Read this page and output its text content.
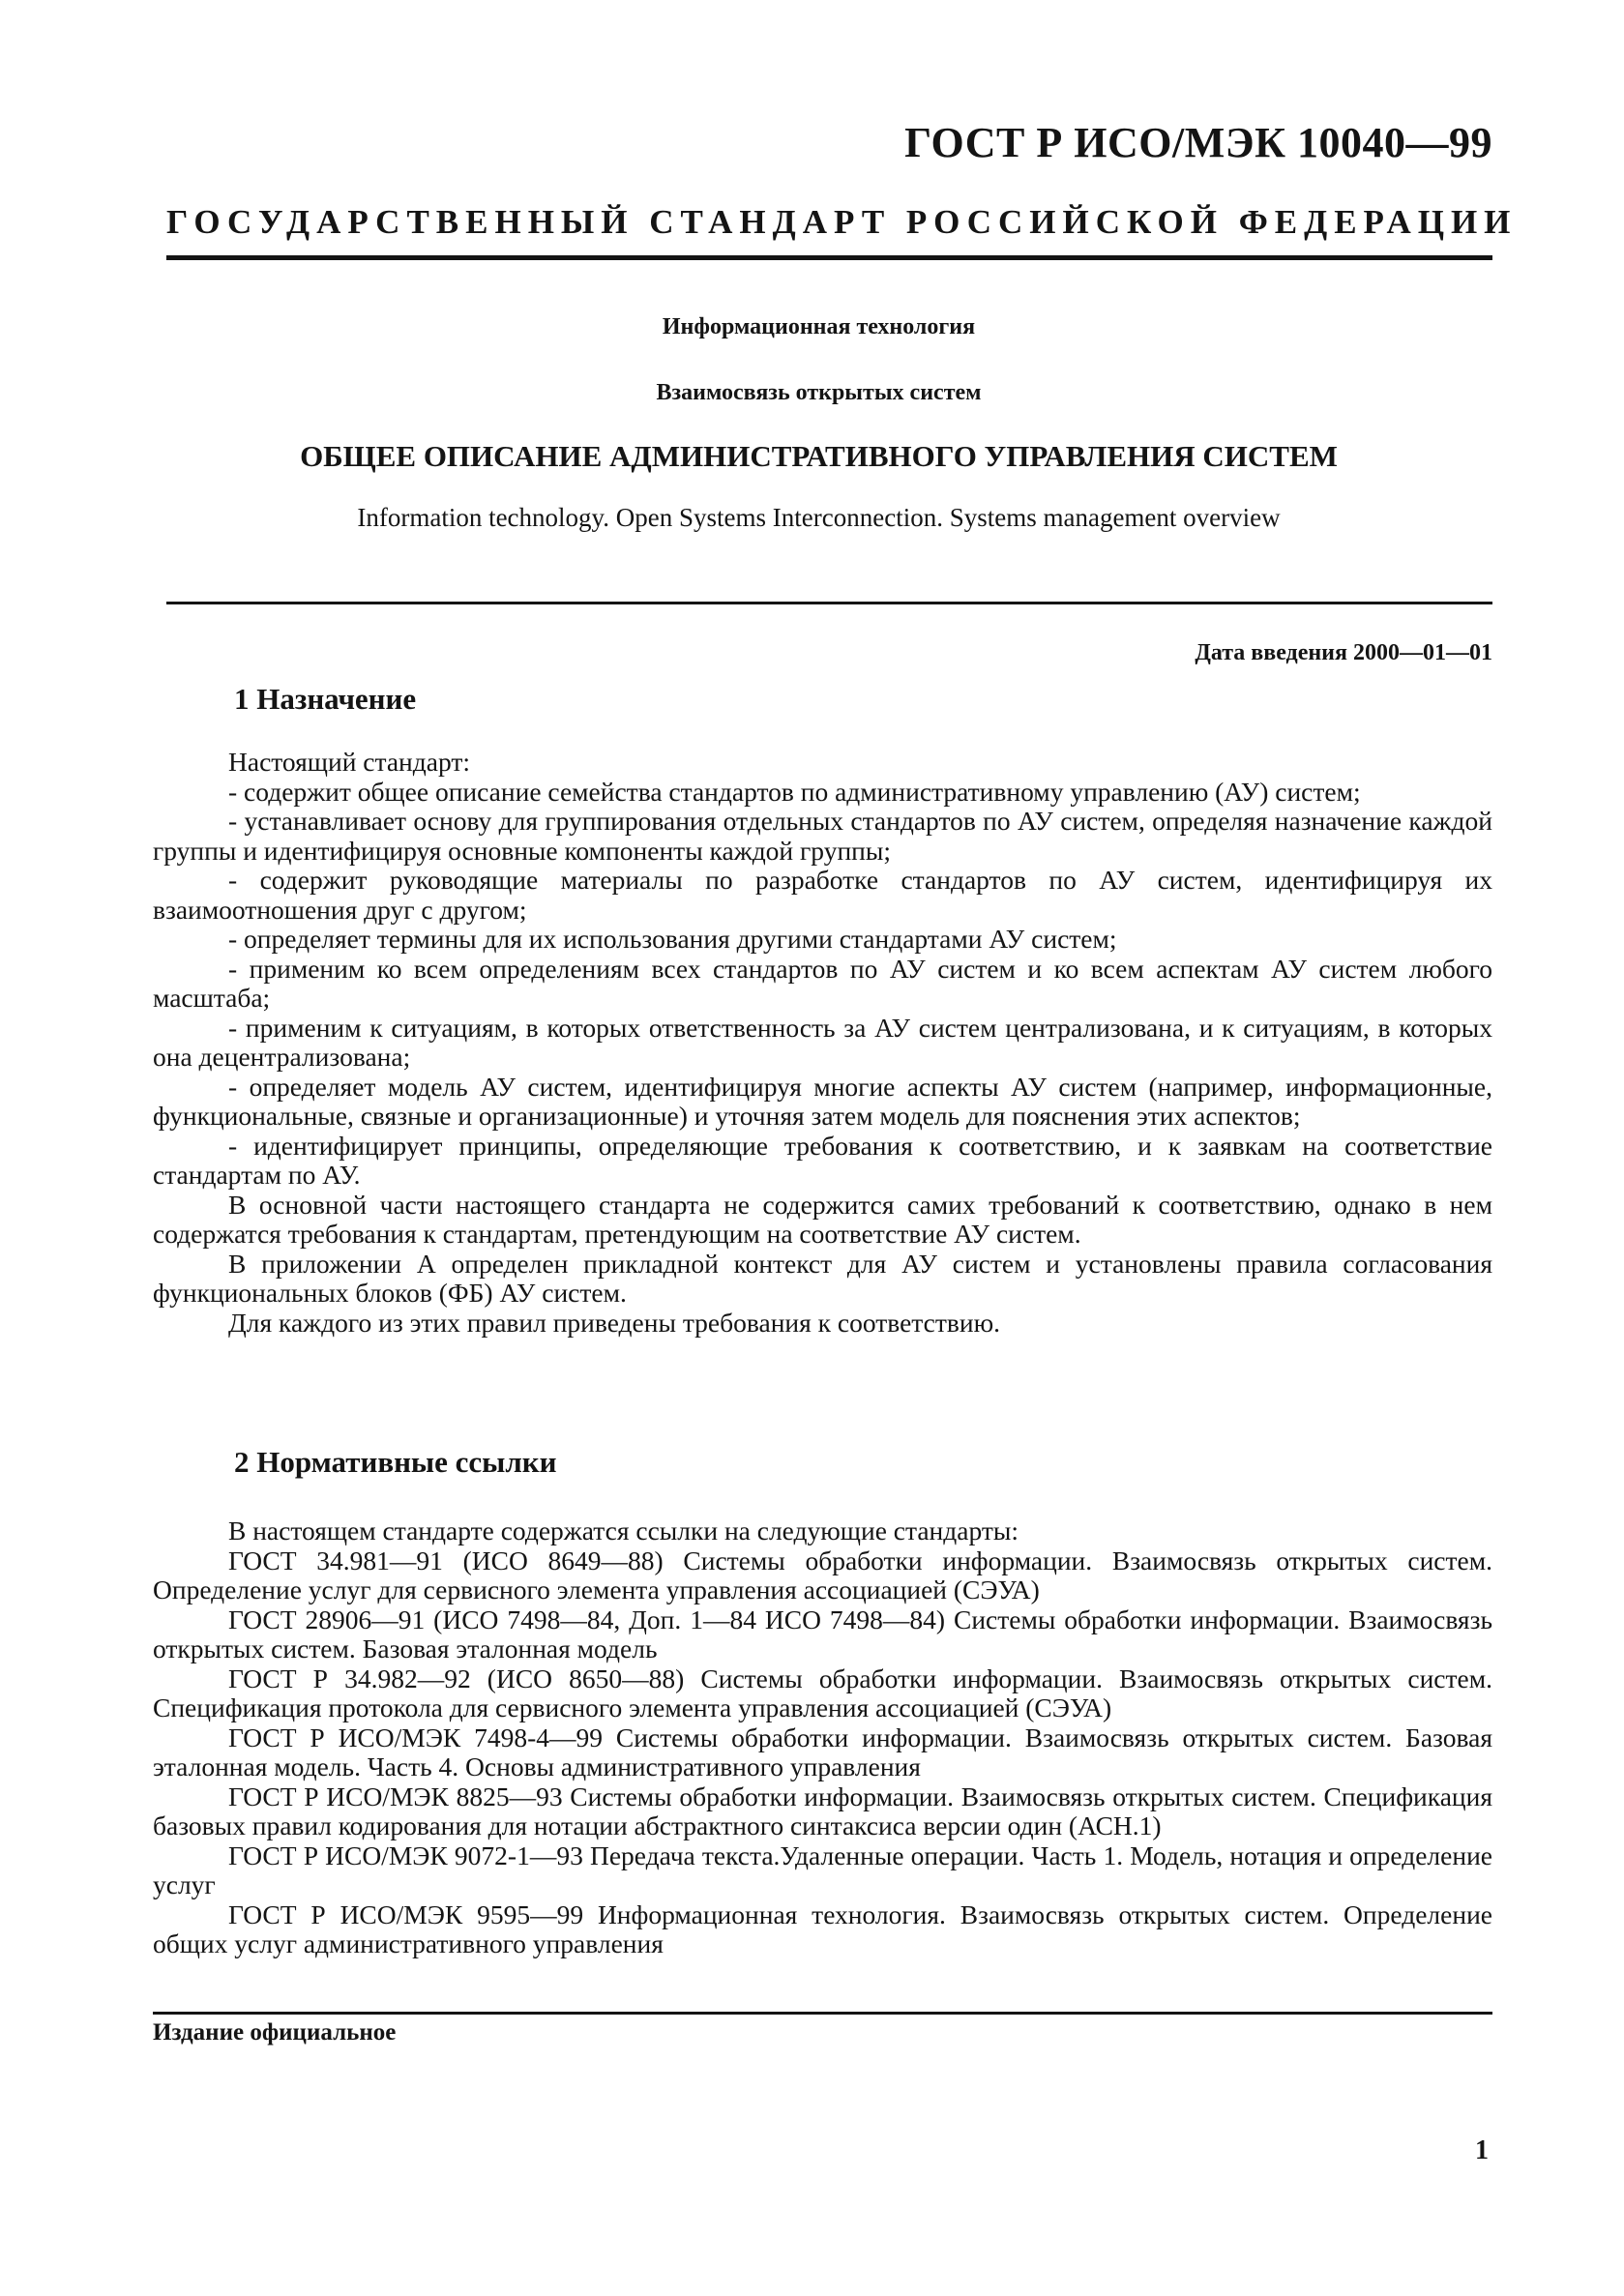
ГОСТ Р ИСО/МЭК 10040—99
ГОСУДАРСТВЕННЫЙ СТАНДАРТ РОССИЙСКОЙ ФЕДЕРАЦИИ
Информационная технология
Взаимосвязь открытых систем
ОБЩЕЕ ОПИСАНИЕ АДМИНИСТРАТИВНОГО УПРАВЛЕНИЯ СИСТЕМ
Information technology. Open Systems Interconnection. Systems management overview
Дата введения 2000—01—01
1 Назначение

Настоящий стандарт:

- содержит общее описание семейства стандартов по административному управлению (АУ) систем;

- устанавливает основу для группирования отдельных стандартов по АУ систем, определяя назначение каждой группы и идентифицируя основные компоненты каждой группы;

- содержит руководящие материалы по разработке стандартов по АУ систем, идентифицируя их взаимоотношения друг с другом;

- определяет термины для их использования другими стандартами АУ систем;

- применим ко всем определениям всех стандартов по АУ систем и ко всем аспектам АУ систем любого масштаба;

- применим к ситуациям, в которых ответственность за АУ систем централизована, и к ситуациям, в которых она децентрализована;

- определяет модель АУ систем, идентифицируя многие аспекты АУ систем (например, информационные, функциональные, связные и организационные) и уточняя затем модель для пояснения этих аспектов;

- идентифицирует принципы, определяющие требования к соответствию, и к заявкам на соответствие стандартам по АУ.

В основной части настоящего стандарта не содержится самих требований к соответствию, однако в нем содержатся требования к стандартам, претендующим на соответствие АУ систем.

В приложении А определен прикладной контекст для АУ систем и установлены правила согласования функциональных блоков (ФБ) АУ систем.

Для каждого из этих правил приведены требования к соответствию.

2 Нормативные ссылки

В настоящем стандарте содержатся ссылки на следующие стандарты:

ГОСТ 34.981—91 (ИСО 8649—88) Системы обработки информации. Взаимосвязь открытых систем. Определение услуг для сервисного элемента управления ассоциацией (СЭУА)

ГОСТ 28906—91 (ИСО 7498—84, Доп. 1—84 ИСО 7498—84) Системы обработки информации. Взаимосвязь открытых систем. Базовая эталонная модель

ГОСТ Р 34.982—92 (ИСО 8650—88) Системы обработки информации. Взаимосвязь открытых систем. Спецификация протокола для сервисного элемента управления ассоциацией (СЭУА)

ГОСТ Р ИСО/МЭК 7498-4—99 Системы обработки информации. Взаимосвязь открытых систем. Базовая эталонная модель. Часть 4. Основы административного управления

ГОСТ Р ИСО/МЭК 8825—93 Системы обработки информации. Взаимосвязь открытых систем. Спецификация базовых правил кодирования для нотации абстрактного синтаксиса версии один (АСН.1)

ГОСТ Р ИСО/МЭК 9072-1—93 Передача текста.Удаленные операции. Часть 1. Модель, нотация и определение услуг

ГОСТ Р ИСО/МЭК 9595—99 Информационная технология. Взаимосвязь открытых систем. Определение общих услуг административного управления

Издание официальное
1
